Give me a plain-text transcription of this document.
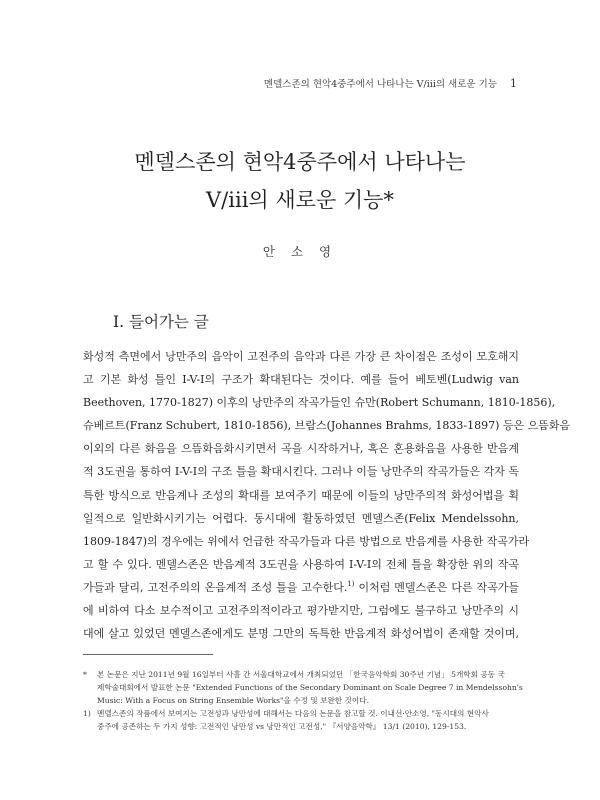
멘델스존의 현악4중주에서 나타나는 V/iii의 새로운 기능 1
멘델스존의 현악4중주에서 나타나는
V/iii의 새로운 기능*
안 소 영
I. 들어가는 글
화성적 측면에서 낭만주의 음악이 고전주의 음악과 다른 가장 큰 차이점은 조성이 모호해지
고 기본 화성 틀인 I-V-I의 구조가 확대된다는 것이다. 예를 들어 베토벤(Ludwig van
Beethoven, 1770-1827) 이후의 낭만주의 작곡가들인 슈만(Robert Schumann, 1810-1856),
슈베르트(Franz Schubert, 1810-1856), 브람스(Johannes Brahms, 1833-1897) 등은 으뜸화음
이외의 다른 화음을 으뜸화음화시키면서 곡을 시작하거나, 혹은 혼용화음을 사용한 반음계
적 3도권을 통하여 I-V-I의 구조 틀을 확대시킨다. 그러나 이들 낭만주의 작곡가들은 각자 독
특한 방식으로 반음계나 조성의 확대를 보여주기 때문에 이들의 낭만주의적 화성어법을 획
일적으로 일반화시키기는 어렵다. 동시대에 활동하였던 멘델스존(Felix Mendelssohn,
1809-1847)의 경우에는 위에서 언급한 작곡가들과 다른 방법으로 반음계를 사용한 작곡가라
고 할 수 있다. 멘델스존은 반음계적 3도권을 사용하여 I-V-I의 전체 틀을 확장한 위의 작곡
가들과 달리, 고전주의의 온음계적 조성 틀을 고수한다.$^{1)}$ 이처럼 멘델스존은 다른 작곡가들
에 비하여 다소 보수적이고 고전주의적이라고 평가받지만, 그럼에도 불구하고 낭만주의 시
대에 살고 있었던 멘델스존에게도 분명 그만의 독특한 반음계적 화성어법이 존재할 것이며,
* 본 논문은 지난 2011년 9월 16일부터 사흘 간 서울대학교에서 개최되었던 「한국음악학회 30주년 기념」 5개학회 공동 국
제학술대회에서 발표한 논문 "Extended Functions of the Secondary Dominant on Scale Degree 7 in Mendelssohn's
Music: With a Focus on String Ensemble Works"을 수정 및 보완한 것이다.
1) 멘델스존의 작품에서 보여지는 고전성과 낭만성에 대해서는 다음의 논문을 참고할 것. 이내선·안소영, "동시대의 현악사
중주에 공존하는 두 가지 성향: 고전적인 낭만성 vs 낭만적인 고전성," 『서양음악학』 13/1 (2010), 129-153.
